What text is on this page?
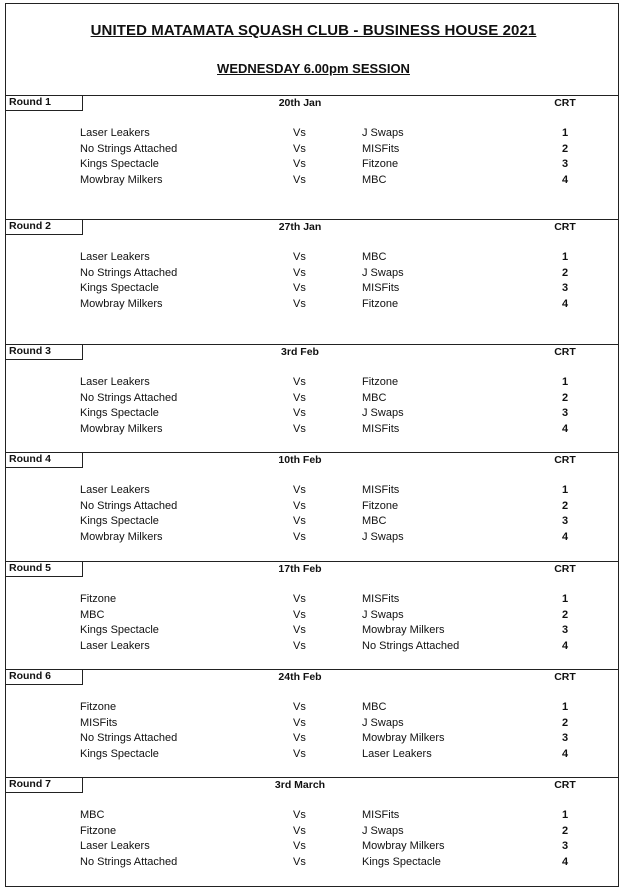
UNITED MATAMATA SQUASH CLUB - BUSINESS HOUSE 2021
WEDNESDAY 6.00pm SESSION
Round 1	20th Jan	CRT
Laser Leakers	Vs	J Swaps	1
No Strings Attached	Vs	MISFits	2
Kings Spectacle	Vs	Fitzone	3
Mowbray Milkers	Vs	MBC	4
Round 2	27th Jan	CRT
Laser Leakers	Vs	MBC	1
No Strings Attached	Vs	J Swaps	2
Kings Spectacle	Vs	MISFits	3
Mowbray Milkers	Vs	Fitzone	4
Round 3	3rd Feb	CRT
Laser Leakers	Vs	Fitzone	1
No Strings Attached	Vs	MBC	2
Kings Spectacle	Vs	J Swaps	3
Mowbray Milkers	Vs	MISFits	4
Round 4	10th Feb	CRT
Laser Leakers	Vs	MISFits	1
No Strings Attached	Vs	Fitzone	2
Kings Spectacle	Vs	MBC	3
Mowbray Milkers	Vs	J Swaps	4
Round 5	17th Feb	CRT
Fitzone	Vs	MISFits	1
MBC	Vs	J Swaps	2
Kings Spectacle	Vs	Mowbray Milkers	3
Laser Leakers	Vs	No Strings Attached	4
Round 6	24th Feb	CRT
Fitzone	Vs	MBC	1
MISFits	Vs	J Swaps	2
No Strings Attached	Vs	Mowbray Milkers	3
Kings Spectacle	Vs	Laser Leakers	4
Round 7	3rd March	CRT
MBC	Vs	MISFits	1
Fitzone	Vs	J Swaps	2
Laser Leakers	Vs	Mowbray Milkers	3
No Strings Attached	Vs	Kings Spectacle	4
